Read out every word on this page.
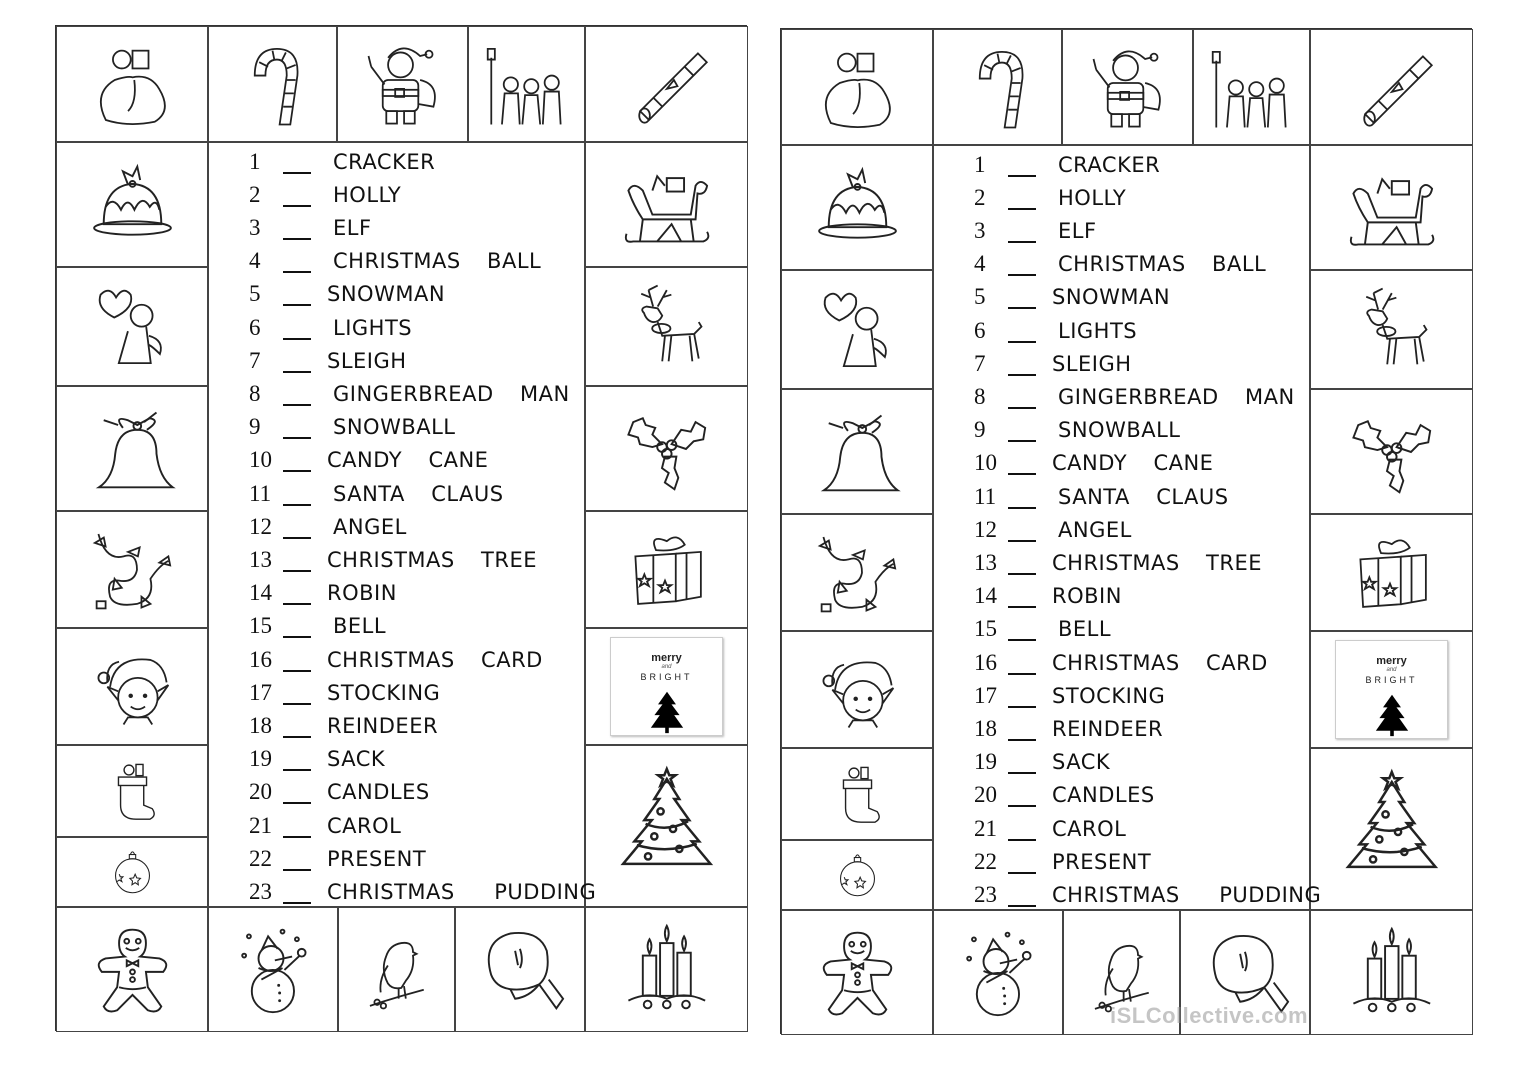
merry
and
BRIGHT
1	CRACKER
2	HOLLY
3	ELF
4	CHRISTMAS  BALL
5	SNOWMAN
6	LIGHTS
7	SLEIGH
8	GINGERBREAD  MAN
9	SNOWBALL
10	CANDY  CANE
11	SANTA  CLAUS
12	ANGEL
13	CHRISTMAS  TREE
14	ROBIN
15	BELL
16	CHRISTMAS  CARD
17	STOCKING
18	REINDEER
19	SACK
20	CANDLES
21	CAROL
22	PRESENT
23	CHRISTMAS   PUDDING
merry
and
BRIGHT
1	CRACKER
2	HOLLY
3	ELF
4	CHRISTMAS  BALL
5	SNOWMAN
6	LIGHTS
7	SLEIGH
8	GINGERBREAD  MAN
9	SNOWBALL
10	CANDY  CANE
11	SANTA  CLAUS
12	ANGEL
13	CHRISTMAS  TREE
14	ROBIN
15	BELL
16	CHRISTMAS  CARD
17	STOCKING
18	REINDEER
19	SACK
20	CANDLES
21	CAROL
22	PRESENT
23	CHRISTMAS   PUDDING
iSLCollective.com
